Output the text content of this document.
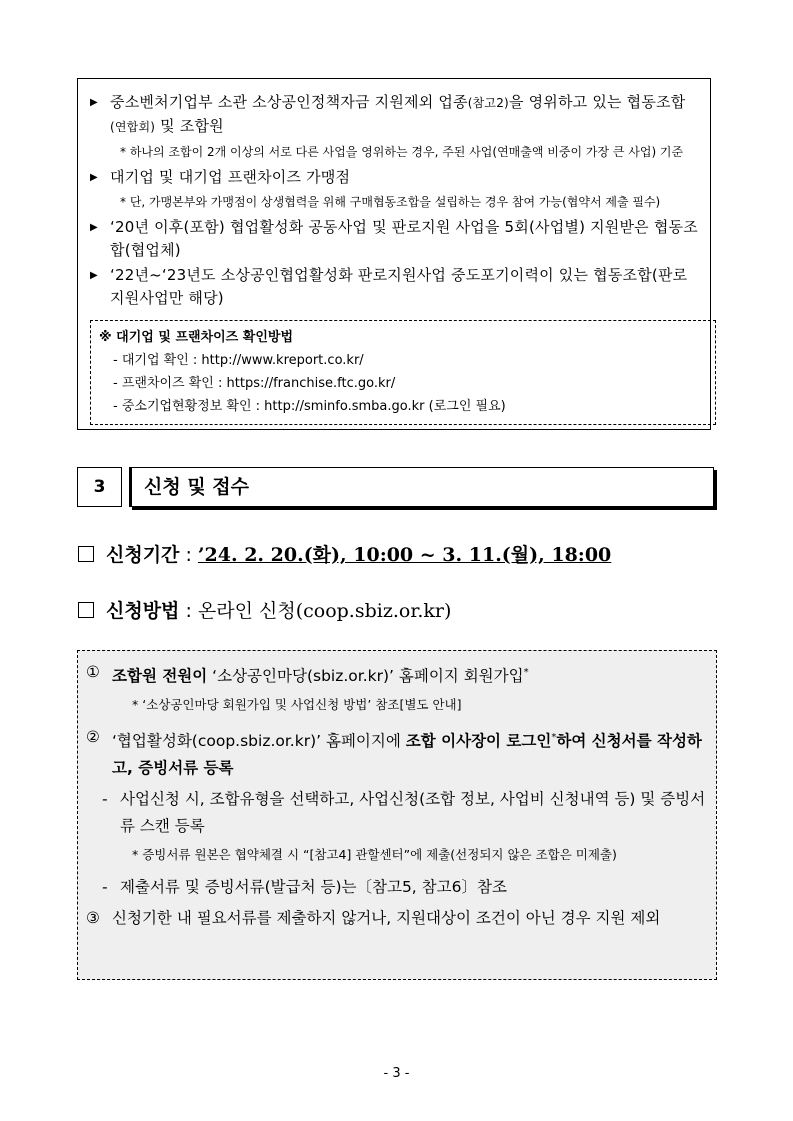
▶ 중소벤처기업부 소관 소상공인정책자금 지원제외 업종(참고2)을 영위하고 있는 협동조합(연합회) 및 조합원
* 하나의 조합이 2개 이상의 서로 다른 사업을 영위하는 경우, 주된 사업(연매출액 비중이 가장 큰 사업) 기준
▶ 대기업 및 대기업 프랜차이즈 가맹점
* 단, 가맹본부와 가맹점이 상생협력을 위해 구매협동조합을 설립하는 경우 참여 가능(협약서 제출 필수)
▶ ‘20년 이후(포함) 협업활성화 공동사업 및 판로지원 사업을 5회(사업별) 지원받은 협동조합(협업체)
▶ ‘22년~‘23년도 소상공인협업활성화 판로지원사업 중도포기이력이 있는 협동조합(판로지원사업만 해당)
※ 대기업 및 프랜차이즈 확인방법
- 대기업 확인 : http://www.kreport.co.kr/
- 프랜차이즈 확인 : https://franchise.ftc.go.kr/
- 중소기업현황정보 확인 : http://sminfo.smba.go.kr (로그인 필요)
3	신청 및 접수
신청기간 : ’24. 2. 20.(화), 10:00 ~ 3. 11.(월), 18:00
신청방법 : 온라인 신청(coop.sbiz.or.kr)
① 조합원 전원이 ‘소상공인마당(sbiz.or.kr)’ 홈페이지 회원가입*
* ‘소상공인마당 회원가입 및 사업신청 방법’ 참조[별도 안내]
② ‘협업활성화(coop.sbiz.or.kr)’ 홈페이지에 조합 이사장이 로그인*하여 신청서를 작성하고, 증빙서류 등록
- 사업신청 시, 조합유형을 선택하고, 사업신청(조합 정보, 사업비 신청내역 등) 및 증빙서류 스캔 등록
* 증빙서류 원본은 협약체결 시 “[참고4] 관할센터”에 제출(선정되지 않은 조합은 미제출)
- 제출서류 및 증빙서류(발급처 등)는〔참고5, 참고6〕참조
③ 신청기한 내 필요서류를 제출하지 않거나, 지원대상이 조건이 아닌 경우 지원 제외
- 3 -
